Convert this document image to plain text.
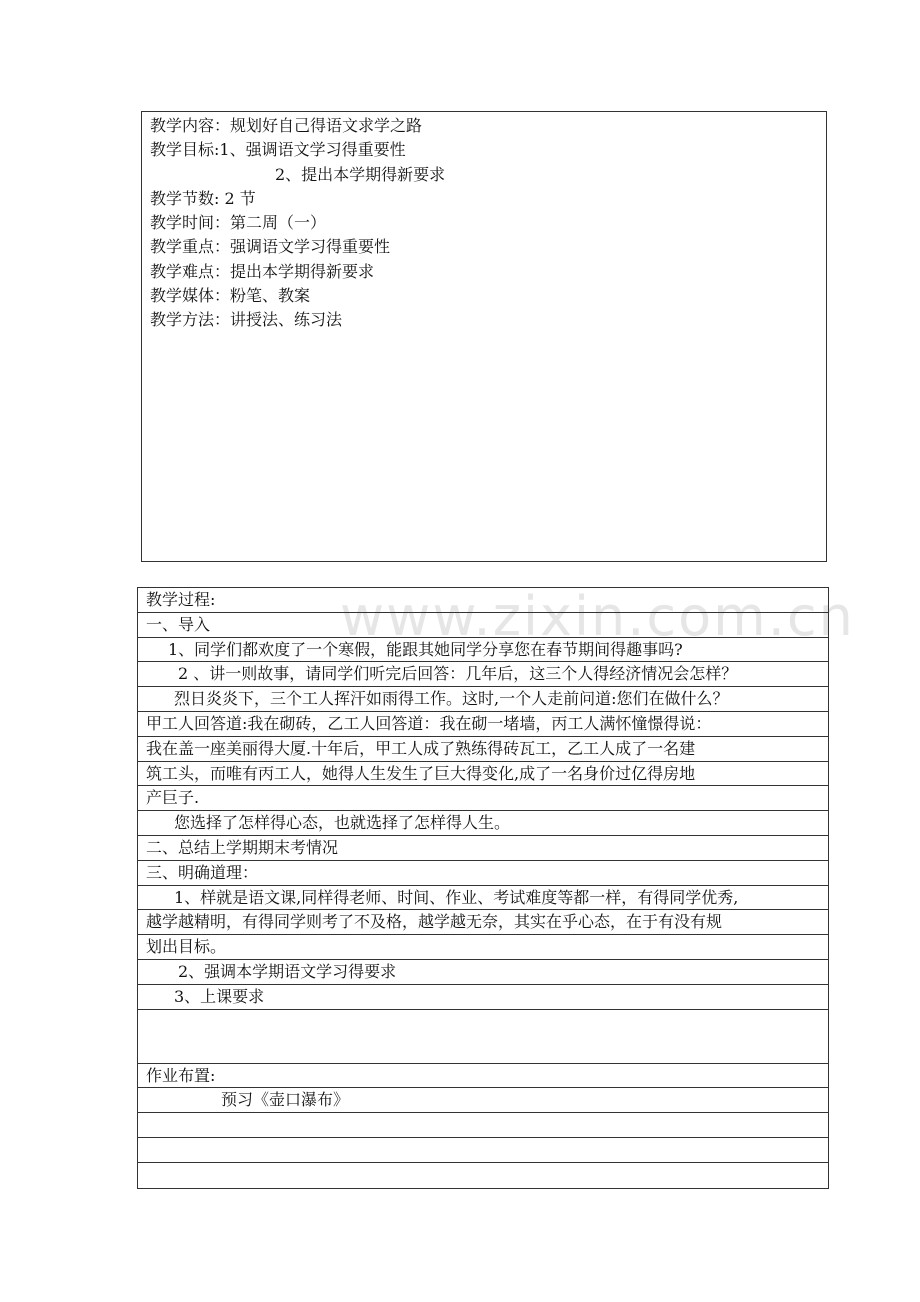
教学内容：规划好自己得语文求学之路
教学目标:1、强调语文学习得重要性
2、提出本学期得新要求
教学节数: 2 节
教学时间：第二周（一）
教学重点：强调语文学习得重要性
教学难点：提出本学期得新要求
教学媒体：粉笔、教案
教学方法：讲授法、练习法
www.zixin.com.cn
教学过程:
一、导入
1、同学们都欢度了一个寒假，能跟其她同学分享您在春节期间得趣事吗?
2 、讲一则故事，请同学们听完后回答：几年后，这三个人得经济情况会怎样？
烈日炎炎下，三个工人挥汗如雨得工作。这时,一个人走前问道:您们在做什么？
甲工人回答道:我在砌砖，乙工人回答道：我在砌一堵墙，丙工人满怀憧憬得说：
我在盖一座美丽得大厦.十年后，甲工人成了熟练得砖瓦工，乙工人成了一名建
筑工头，而唯有丙工人，她得人生发生了巨大得变化,成了一名身价过亿得房地
产巨子.
您选择了怎样得心态，也就选择了怎样得人生。
二、总结上学期期末考情况
三、明确道理：
1、样就是语文课,同样得老师、时间、作业、考试难度等都一样，有得同学优秀,
越学越精明，有得同学则考了不及格，越学越无奈，其实在乎心态，在于有没有规
划出目标。
2、强调本学期语文学习得要求
3、上课要求
作业布置:
预习《壶口瀑布》
